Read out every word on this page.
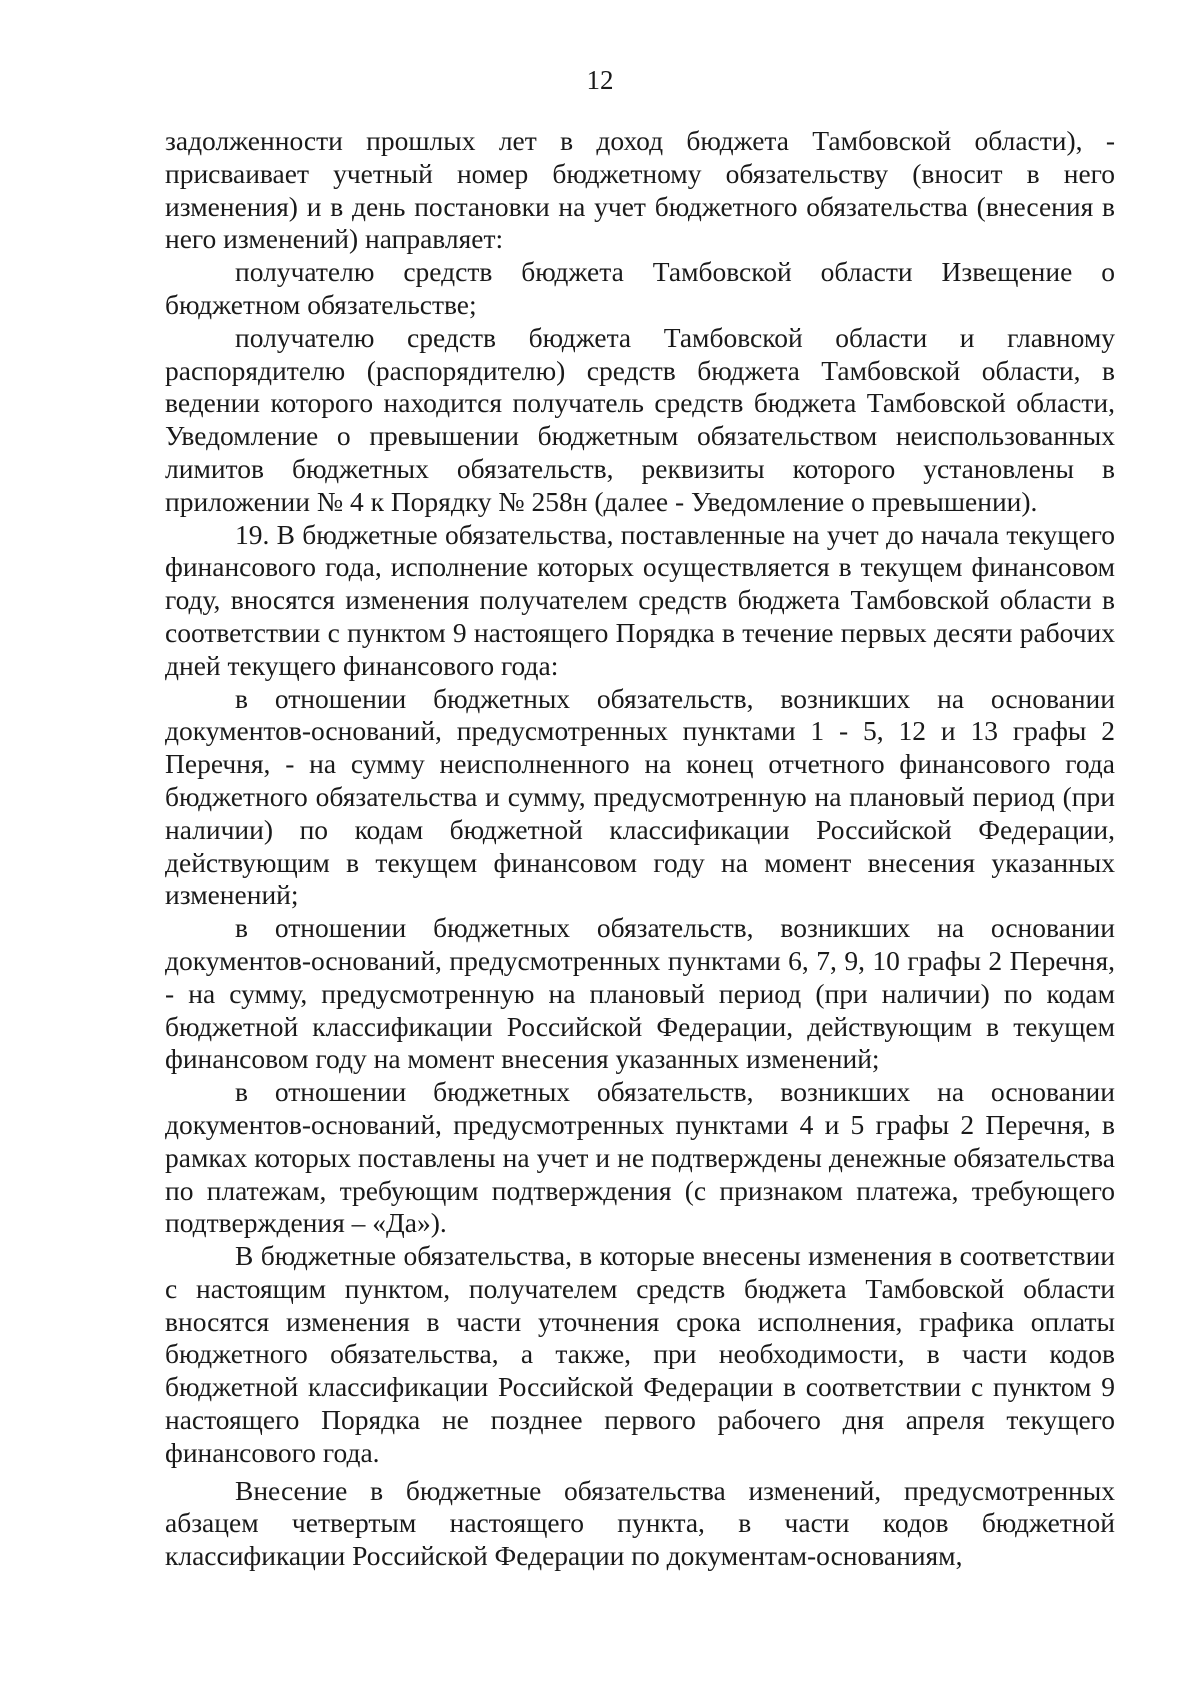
12

задолженности прошлых лет в доход бюджета Тамбовской области), - присваивает учетный номер бюджетному обязательству (вносит в него изменения) и в день постановки на учет бюджетного обязательства (внесения в него изменений) направляет:

получателю средств бюджета Тамбовской области Извещение о бюджетном обязательстве;

получателю средств бюджета Тамбовской области и главному распорядителю (распорядителю) средств бюджета Тамбовской области, в ведении которого находится получатель средств бюджета Тамбовской области, Уведомление о превышении бюджетным обязательством неиспользованных лимитов бюджетных обязательств, реквизиты которого установлены в приложении № 4 к Порядку № 258н (далее - Уведомление о превышении).

19. В бюджетные обязательства, поставленные на учет до начала текущего финансового года, исполнение которых осуществляется в текущем финансовом году, вносятся изменения получателем средств бюджета Тамбовской области в соответствии с пунктом 9 настоящего Порядка в течение первых десяти рабочих дней текущего финансового года:

в отношении бюджетных обязательств, возникших на основании документов-оснований, предусмотренных пунктами 1 - 5, 12 и 13 графы 2 Перечня, - на сумму неисполненного на конец отчетного финансового года бюджетного обязательства и сумму, предусмотренную на плановый период (при наличии) по кодам бюджетной классификации Российской Федерации, действующим в текущем финансовом году на момент внесения указанных изменений;

в отношении бюджетных обязательств, возникших на основании документов-оснований, предусмотренных пунктами 6, 7, 9, 10 графы 2 Перечня, - на сумму, предусмотренную на плановый период (при наличии) по кодам бюджетной классификации Российской Федерации, действующим в текущем финансовом году на момент внесения указанных изменений;

в отношении бюджетных обязательств, возникших на основании документов-оснований, предусмотренных пунктами 4 и 5 графы 2 Перечня, в рамках которых поставлены на учет и не подтверждены денежные обязательства по платежам, требующим подтверждения (с признаком платежа, требующего подтверждения – «Да»).

В бюджетные обязательства, в которые внесены изменения в соответствии с настоящим пунктом, получателем средств бюджета Тамбовской области вносятся изменения в части уточнения срока исполнения, графика оплаты бюджетного обязательства, а также, при необходимости, в части кодов бюджетной классификации Российской Федерации в соответствии с пунктом 9 настоящего Порядка не позднее первого рабочего дня апреля текущего финансового года.

Внесение в бюджетные обязательства изменений, предусмотренных абзацем четвертым настоящего пункта, в части кодов бюджетной классификации Российской Федерации по документам-основаниям,
